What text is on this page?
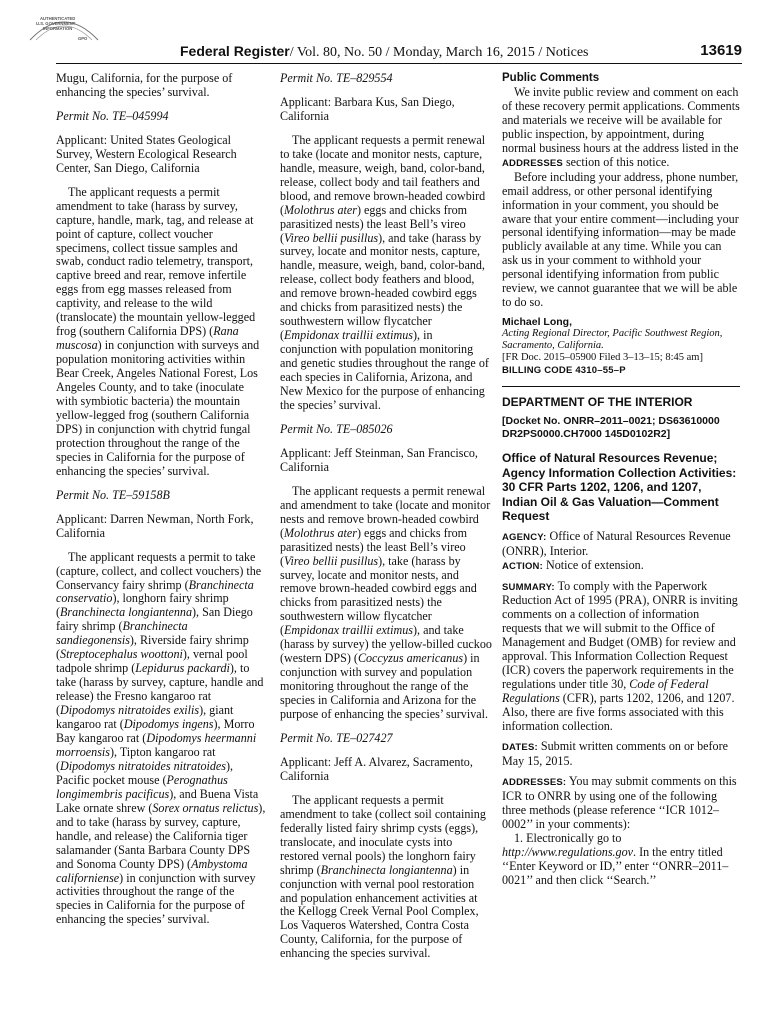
AUTHENTICATED
U.S. GOVERNMENT
INFORMATION
GPO
Federal Register/ Vol. 80, No. 50 / Monday, March 16, 2015 / Notices	13619

Mugu, California, for the purpose of enhancing the species’ survival.

Permit No. TE–045994

Applicant: United States Geological Survey, Western Ecological Research Center, San Diego, California

The applicant requests a permit amendment to take (harass by survey, capture, handle, mark, tag, and release at point of capture, collect voucher specimens, collect tissue samples and swab, conduct radio telemetry, transport, captive breed and rear, remove infertile eggs from egg masses released from captivity, and release to the wild (translocate) the mountain yellow-legged frog (southern California DPS) (Rana muscosa) in conjunction with surveys and population monitoring activities within Bear Creek, Angeles National Forest, Los Angeles County, and to take (inoculate with symbiotic bacteria) the mountain yellow-legged frog (southern California DPS) in conjunction with chytrid fungal protection throughout the range of the species in California for the purpose of enhancing the species’ survival.

Permit No. TE–59158B

Applicant: Darren Newman, North Fork, California

The applicant requests a permit to take (capture, collect, and collect vouchers) the Conservancy fairy shrimp (Branchinecta conservatio), longhorn fairy shrimp (Branchinecta longiantenna), San Diego fairy shrimp (Branchinecta sandiegonensis), Riverside fairy shrimp (Streptocephalus woottoni), vernal pool tadpole shrimp (Lepidurus packardi), to take (harass by survey, capture, handle and release) the Fresno kangaroo rat (Dipodomys nitratoides exilis), giant kangaroo rat (Dipodomys ingens), Morro Bay kangaroo rat (Dipodomys heermanni morroensis), Tipton kangaroo rat (Dipodomys nitratoides nitratoides), Pacific pocket mouse (Perognathus longimembris pacificus), and Buena Vista Lake ornate shrew (Sorex ornatus relictus), and to take (harass by survey, capture, handle, and release) the California tiger salamander (Santa Barbara County DPS and Sonoma County DPS) (Ambystoma californiense) in conjunction with survey activities throughout the range of the species in California for the purpose of enhancing the species’ survival.

Permit No. TE–829554

Applicant: Barbara Kus, San Diego, California

The applicant requests a permit renewal to take (locate and monitor nests, capture, handle, measure, weigh, band, color-band, release, collect body and tail feathers and blood, and remove brown-headed cowbird (Molothrus ater) eggs and chicks from parasitized nests) the least Bell’s vireo (Vireo bellii pusillus), and take (harass by survey, locate and monitor nests, capture, handle, measure, weigh, band, color-band, release, collect body feathers and blood, and remove brown-headed cowbird eggs and chicks from parasitized nests) the southwestern willow flycatcher (Empidonax traillii extimus), in conjunction with population monitoring and genetic studies throughout the range of each species in California, Arizona, and New Mexico for the purpose of enhancing the species’ survival.

Permit No. TE–085026

Applicant: Jeff Steinman, San Francisco, California

The applicant requests a permit renewal and amendment to take (locate and monitor nests and remove brown-headed cowbird (Molothrus ater) eggs and chicks from parasitized nests) the least Bell’s vireo (Vireo bellii pusillus), take (harass by survey, locate and monitor nests, and remove brown-headed cowbird eggs and chicks from parasitized nests) the southwestern willow flycatcher (Empidonax traillii extimus), and take (harass by survey) the yellow-billed cuckoo (western DPS) (Coccyzus americanus) in conjunction with survey and population monitoring throughout the range of the species in California and Arizona for the purpose of enhancing the species’ survival.

Permit No. TE–027427

Applicant: Jeff A. Alvarez, Sacramento, California

The applicant requests a permit amendment to take (collect soil containing federally listed fairy shrimp cysts (eggs), translocate, and inoculate cysts into restored vernal pools) the longhorn fairy shrimp (Branchinecta longiantenna) in conjunction with vernal pool restoration and population enhancement activities at the Kellogg Creek Vernal Pool Complex, Los Vaqueros Watershed, Contra Costa County, California, for the purpose of enhancing the species survival.

Public Comments

We invite public review and comment on each of these recovery permit applications. Comments and materials we receive will be available for public inspection, by appointment, during normal business hours at the address listed in the ADDRESSES section of this notice.

Before including your address, phone number, email address, or other personal identifying information in your comment, you should be aware that your entire comment—including your personal identifying information—may be made publicly available at any time. While you can ask us in your comment to withhold your personal identifying information from public review, we cannot guarantee that we will be able to do so.

Michael Long,

Acting Regional Director, Pacific Southwest Region, Sacramento, California.

[FR Doc. 2015–05900 Filed 3–13–15; 8:45 am]

BILLING CODE 4310–55–P

DEPARTMENT OF THE INTERIOR

[Docket No. ONRR–2011–0021; DS63610000 DR2PS0000.CH7000 145D0102R2]

Office of Natural Resources Revenue; Agency Information Collection Activities: 30 CFR Parts 1202, 1206, and 1207, Indian Oil & Gas Valuation—Comment Request

AGENCY: Office of Natural Resources Revenue (ONRR), Interior.

ACTION: Notice of extension.

SUMMARY: To comply with the Paperwork Reduction Act of 1995 (PRA), ONRR is inviting comments on a collection of information requests that we will submit to the Office of Management and Budget (OMB) for review and approval. This Information Collection Request (ICR) covers the paperwork requirements in the regulations under title 30, Code of Federal Regulations (CFR), parts 1202, 1206, and 1207. Also, there are five forms associated with this information collection.

DATES: Submit written comments on or before May 15, 2015.

ADDRESSES: You may submit comments on this ICR to ONRR by using one of the following three methods (please reference ‘‘ICR 1012–0002’’ in your comments):

1. Electronically go to http://www.regulations.gov. In the entry titled ‘‘Enter Keyword or ID,’’ enter ‘‘ONRR–2011–0021’’ and then click ‘‘Search.’’
